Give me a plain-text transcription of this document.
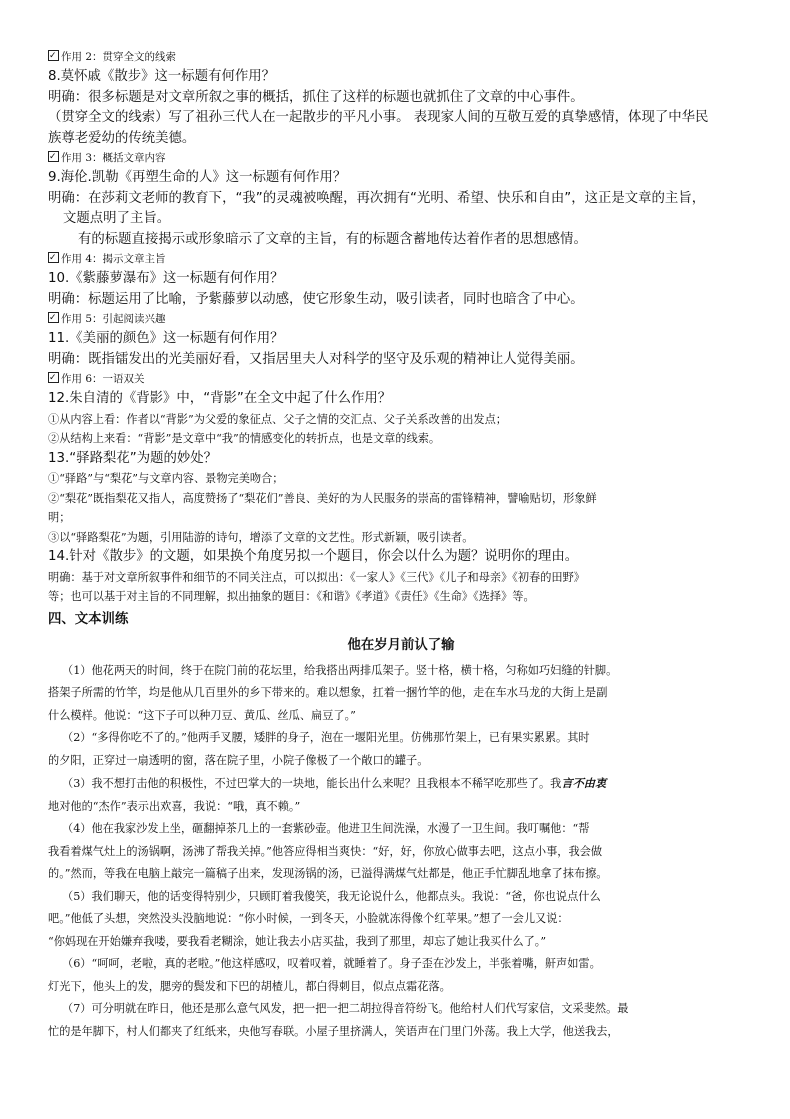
✓作用 2：贯穿全文的线索
8.莫怀戚《散步》这一标题有何作用？
明确：很多标题是对文章所叙之事的概括，抓住了这样的标题也就抓住了文章的中心事件。
（贯穿全文的线索）写了祖孙三代人在一起散步的平凡小事。 表现家人间的互敬互爱的真挚感情，体现了中华民
族尊老爱幼的传统美德。
✓作用 3：概括文章内容
9.海伦.凯勒《再塑生命的人》这一标题有何作用？
明确：在莎莉文老师的教育下，“我”的灵魂被唤醒，再次拥有“光明、希望、快乐和自由”，这正是文章的主旨，
文题点明了主旨。
有的标题直接揭示或形象暗示了文章的主旨，有的标题含蓄地传达着作者的思想感情。
✓作用 4：揭示文章主旨
10.《紫藤萝瀑布》这一标题有何作用？
明确：标题运用了比喻，予紫藤萝以动感，使它形象生动，吸引读者，同时也暗含了中心。
✓作用 5：引起阅读兴趣
11.《美丽的颜色》这一标题有何作用？
明确：既指镭发出的光美丽好看，又指居里夫人对科学的坚守及乐观的精神让人觉得美丽。
✓作用 6：一语双关
12.朱自清的《背影》中，“背影”在全文中起了什么作用？
①从内容上看：作者以“背影”为父爱的象征点、父子之情的交汇点、父子关系改善的出发点；
②从结构上来看：“背影”是文章中“我”的情感变化的转折点，也是文章的线索。
13.“驿路梨花”为题的妙处？
①“驿路”与“梨花”与文章内容、景物完美吻合；
②“梨花”既指梨花又指人，高度赞扬了“梨花们”善良、美好的为人民服务的崇高的雷锋精神，譬喻贴切，形象鲜
明；
③以“驿路梨花”为题，引用陆游的诗句，增添了文章的文艺性。形式新颖，吸引读者。
14.针对《散步》的文题，如果换个角度另拟一个题目，你会以什么为题？说明你的理由。
明确：基于对文章所叙事件和细节的不同关注点，可以拟出：《一家人》《三代》《儿子和母亲》《初春的田野》
等；也可以基于对主旨的不同理解，拟出抽象的题目：《和谐》《孝道》《责任》《生命》《选择》等。
四、文本训练
他在岁月前认了输
（1）他花两天的时间，终于在院门前的花坛里，给我搭出两排瓜架子。竖十格，横十格，匀称如巧妇缝的针脚。
搭架子所需的竹竿，均是他从几百里外的乡下带来的。难以想象，扛着一捆竹竿的他，走在车水马龙的大街上是副
什么模样。他说：“这下子可以种刀豆、黄瓜、丝瓜、扁豆了。”
（2）“多得你吃不了的。”他两手叉腰，矮胖的身子，泡在一堰阳光里。仿佛那竹架上，已有果实累累。其时
的夕阳，正穿过一扇透明的窗，落在院子里，小院子像极了一个敞口的罐子。
（3）我不想打击他的积极性，不过巴掌大的一块地，能长出什么来呢？且我根本不稀罕吃那些了。我言不由衷
地对他的“杰作”表示出欢喜，我说：“哦，真不赖。”
（4）他在我家沙发上坐，砸翻掉茶几上的一套紫砂壶。他进卫生间洗澡，水漫了一卫生间。我叮嘱他：“帮
我看着煤气灶上的汤锅啊，汤沸了帮我关掉。”他答应得相当爽快：“好，好，你放心做事去吧，这点小事，我会做
的。”然而，等我在电脑上敲完一篇稿子出来，发现汤锅的汤，已溢得满煤气灶都是，他正手忙脚乱地拿了抹布擦。
（5）我们聊天，他的话变得特别少，只顾盯着我傻笑，我无论说什么，他都点头。我说：“爸，你也说点什么
吧。”他低了头想，突然没头没脑地说：“你小时候，一到冬天，小脸就冻得像个红苹果。”想了一会儿又说：
“你妈现在开始嫌弃我喽，要我看老糊涂，她让我去小店买盐，我到了那里，却忘了她让我买什么了。”
（6）“呵呵，老啦，真的老啦。”他这样感叹，叹着叹着，就睡着了。身子歪在沙发上，半张着嘴，鼾声如雷。
灯光下，他头上的发，腮旁的鬓发和下巴的胡楂儿，都白得刺目，似点点霜花落。
（7）可分明就在昨日，他还是那么意气风发，把一把一把二胡拉得音符纷飞。他给村人们代写家信，文采斐然。最
忙的是年脚下，村人们都夹了红纸来，央他写春联。小屋子里挤满人，笑语声在门里门外荡。我上大学，他送我去，
